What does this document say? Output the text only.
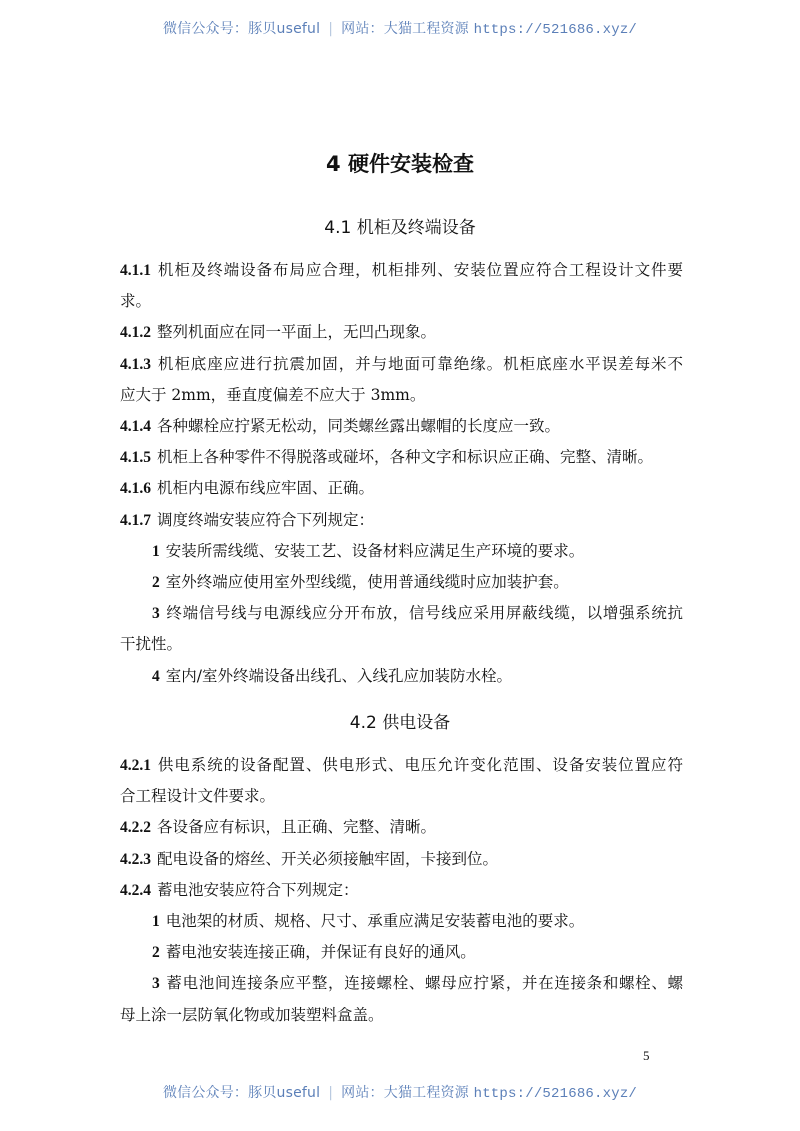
微信公众号：豚贝useful | 网站：大猫工程资源 https://521686.xyz/
4 硬件安装检查
4.1 机柜及终端设备
4.1.1 机柜及终端设备布局应合理，机柜排列、安装位置应符合工程设计文件要
求。
4.1.2 整列机面应在同一平面上，无凹凸现象。
4.1.3 机柜底座应进行抗震加固，并与地面可靠绝缘。机柜底座水平误差每米不
应大于 2mm，垂直度偏差不应大于 3mm。
4.1.4 各种螺栓应拧紧无松动，同类螺丝露出螺帽的长度应一致。
4.1.5 机柜上各种零件不得脱落或碰坏，各种文字和标识应正确、完整、清晰。
4.1.6 机柜内电源布线应牢固、正确。
4.1.7 调度终端安装应符合下列规定：
1 安装所需线缆、安装工艺、设备材料应满足生产环境的要求。
2 室外终端应使用室外型线缆，使用普通线缆时应加装护套。
3 终端信号线与电源线应分开布放，信号线应采用屏蔽线缆，以增强系统抗
干扰性。
4 室内/室外终端设备出线孔、入线孔应加装防水栓。
4.2 供电设备
4.2.1 供电系统的设备配置、供电形式、电压允许变化范围、设备安装位置应符
合工程设计文件要求。
4.2.2 各设备应有标识，且正确、完整、清晰。
4.2.3 配电设备的熔丝、开关必须接触牢固，卡接到位。
4.2.4 蓄电池安装应符合下列规定：
1 电池架的材质、规格、尺寸、承重应满足安装蓄电池的要求。
2 蓄电池安装连接正确，并保证有良好的通风。
3 蓄电池间连接条应平整，连接螺栓、螺母应拧紧，并在连接条和螺栓、螺
母上涂一层防氧化物或加装塑料盒盖。
5
微信公众号：豚贝useful | 网站：大猫工程资源 https://521686.xyz/
